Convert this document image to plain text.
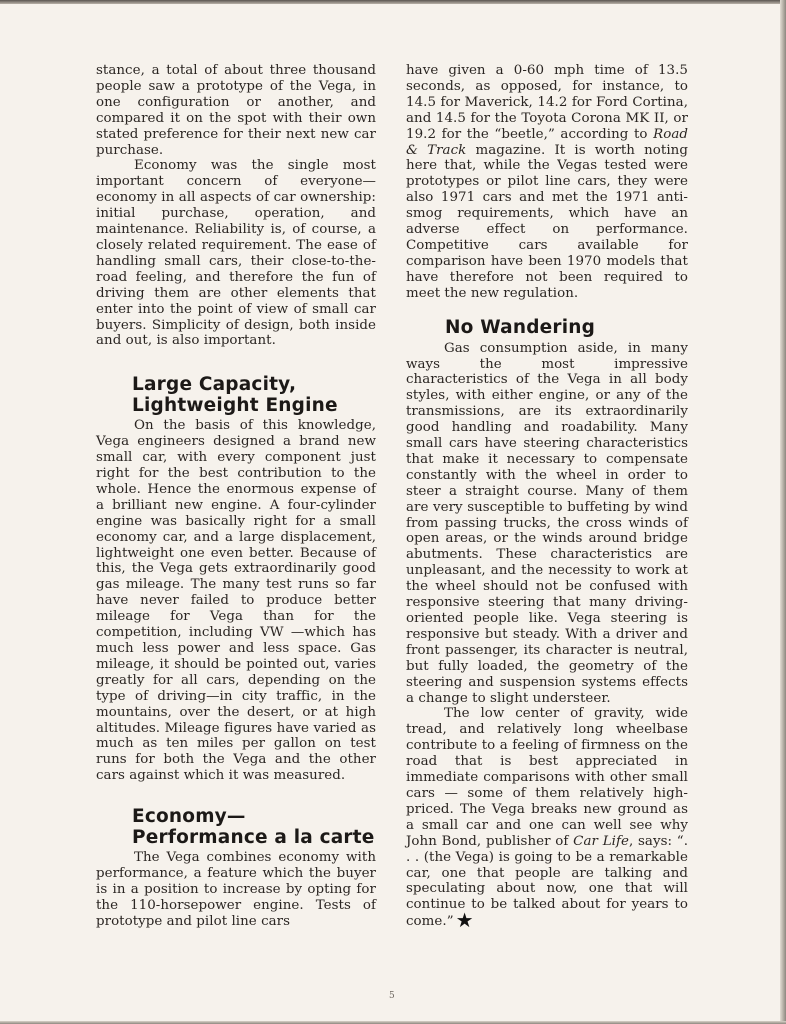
stance, a total of about three thousand people saw a prototype of the Vega, in one configuration or another, and compared it on the spot with their own stated preference for their next new car purchase.

Economy was the single most important concern of everyone—economy in all aspects of car ownership: initial purchase, operation, and maintenance. Reliability is, of course, a closely related requirement. The ease of handling small cars, their close-to-the-road feeling, and therefore the fun of driving them are other elements that enter into the point of view of small car buyers. Simplicity of design, both inside and out, is also important.

Large Capacity,
Lightweight Engine

On the basis of this knowledge, Vega engineers designed a brand new small car, with every component just right for the best contribution to the whole. Hence the enormous expense of a brilliant new engine. A four-cylinder engine was basically right for a small economy car, and a large displacement, lightweight one even better. Because of this, the Vega gets extraordinarily good gas mileage. The many test runs so far have never failed to produce better mileage for Vega than for the competition, including VW —which has much less power and less space. Gas mileage, it should be pointed out, varies greatly for all cars, depending on the type of driving—in city traffic, in the mountains, over the desert, or at high altitudes. Mileage figures have varied as much as ten miles per gallon on test runs for both the Vega and the other cars against which it was measured.

Economy—
Performance a la carte

The Vega combines economy with performance, a feature which the buyer is in a position to increase by opting for the 110-horsepower engine. Tests of prototype and pilot line cars

have given a 0-60 mph time of 13.5 seconds, as opposed, for instance, to 14.5 for Maverick, 14.2 for Ford Cortina, and 14.5 for the Toyota Corona MK II, or 19.2 for the “beetle,” according to Road & Track magazine. It is worth noting here that, while the Vegas tested were prototypes or pilot line cars, they were also 1971 cars and met the 1971 anti-smog requirements, which have an adverse effect on performance. Competitive cars available for comparison have been 1970 models that have therefore not been required to meet the new regulation.

No Wandering

Gas consumption aside, in many ways the most impressive characteristics of the Vega in all body styles, with either engine, or any of the transmissions, are its extraordinarily good handling and roadability. Many small cars have steering characteristics that make it necessary to compensate constantly with the wheel in order to steer a straight course. Many of them are very susceptible to buffeting by wind from passing trucks, the cross winds of open areas, or the winds around bridge abutments. These characteristics are unpleasant, and the necessity to work at the wheel should not be confused with responsive steering that many driving-oriented people like. Vega steering is responsive but steady. With a driver and front passenger, its character is neutral, but fully loaded, the geometry of the steering and suspension systems effects a change to slight understeer.

The low center of gravity, wide tread, and relatively long wheelbase contribute to a feeling of firmness on the road that is best appreciated in immediate comparisons with other small cars — some of them relatively high-priced. The Vega breaks new ground as a small car and one can well see why John Bond, publisher of Car Life, says: “. . . (the Vega) is going to be a remarkable car, one that people are talking and speculating about now, one that will continue to be talked about for years to come.” ★

5
